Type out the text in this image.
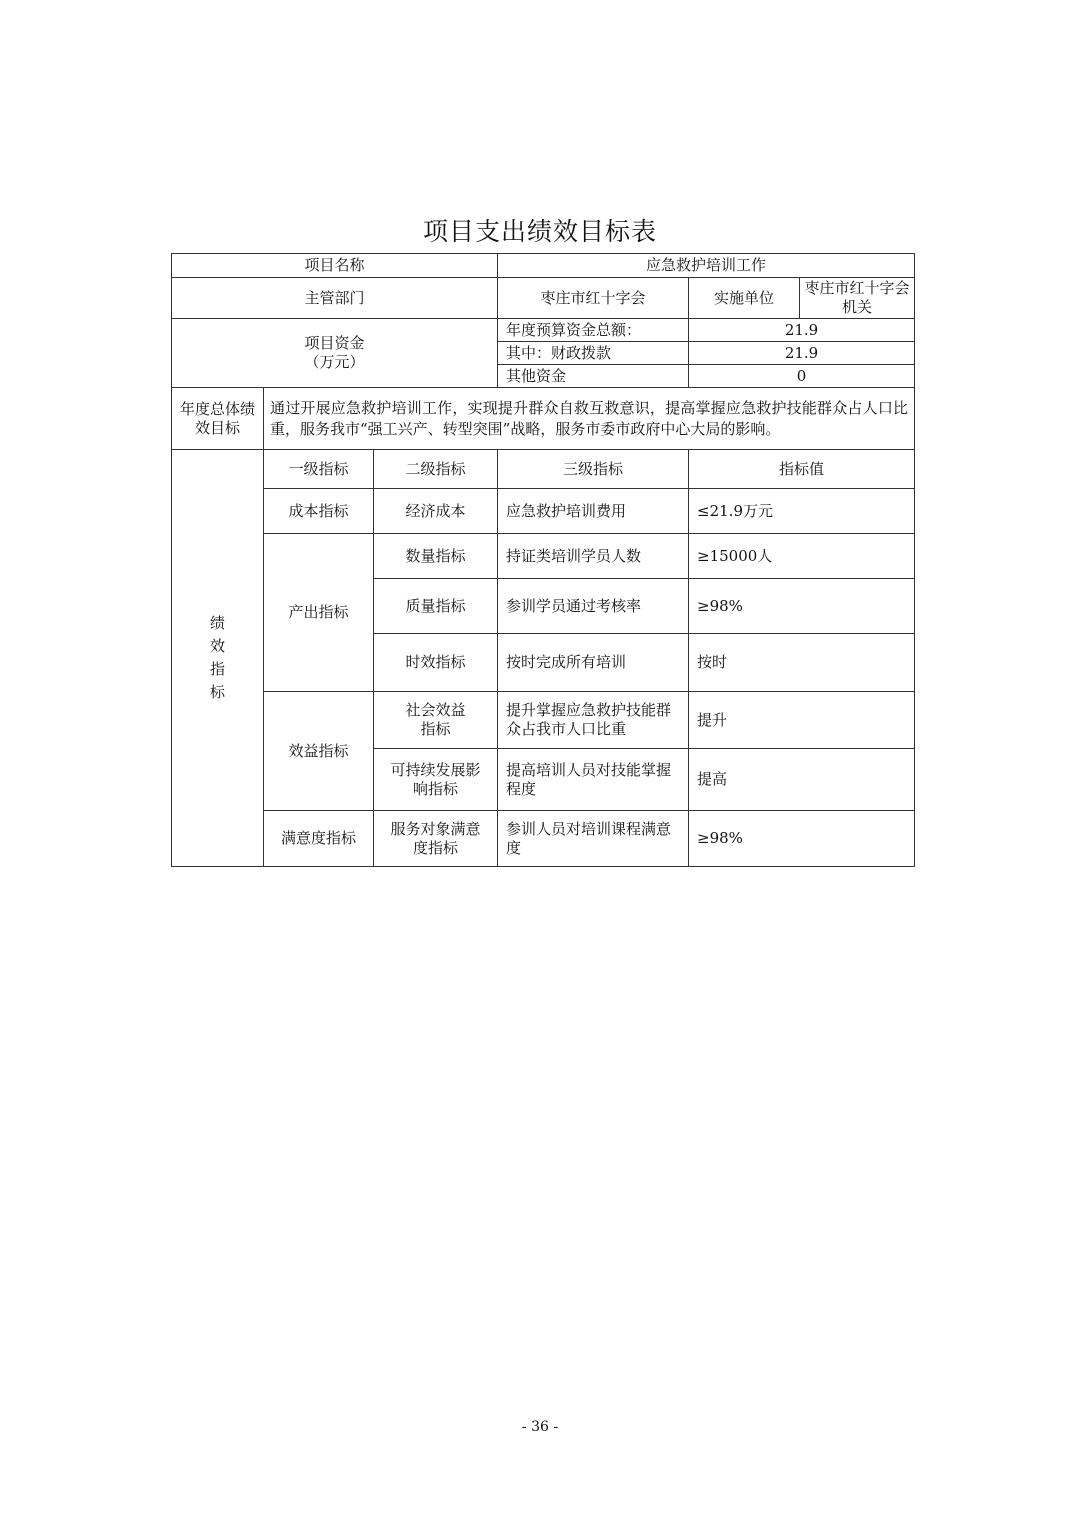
项目支出绩效目标表
项目名称			应急救护培训工作		
主管部门			枣庄市红十字会	实施单位	枣庄市红十字会机关

项目资金
（万元）			年度预算资金总额：	21.9	
			其中：财政拨款	21.9	
			其他资金	0	
年度总体绩效目标	通过开展应急救护培训工作，实现提升群众自救互救意识，提高掌握应急救护技能群众占人口比重，服务我市“强工兴产、转型突围”战略，服务市委市政府中心大局的影响。				
绩效指标	一级指标	二级指标	三级指标	指标值	
	成本指标	经济成本	应急救护培训费用	≤21.9万元	
	产出指标	数量指标	持证类培训学员人数	≥15000人	
		质量指标	参训学员通过考核率	≥98%	
		时效指标	按时完成所有培训	按时	
	效益指标	社会效益指标	提升掌握应急救护技能群众占我市人口比重	提升	

		可持续发展影响指标	提高培训人员对技能掌握程度	提高	
	满意度指标	服务对象满意度指标	参训人员对培训课程满意度	≥98%	
- 36 -
